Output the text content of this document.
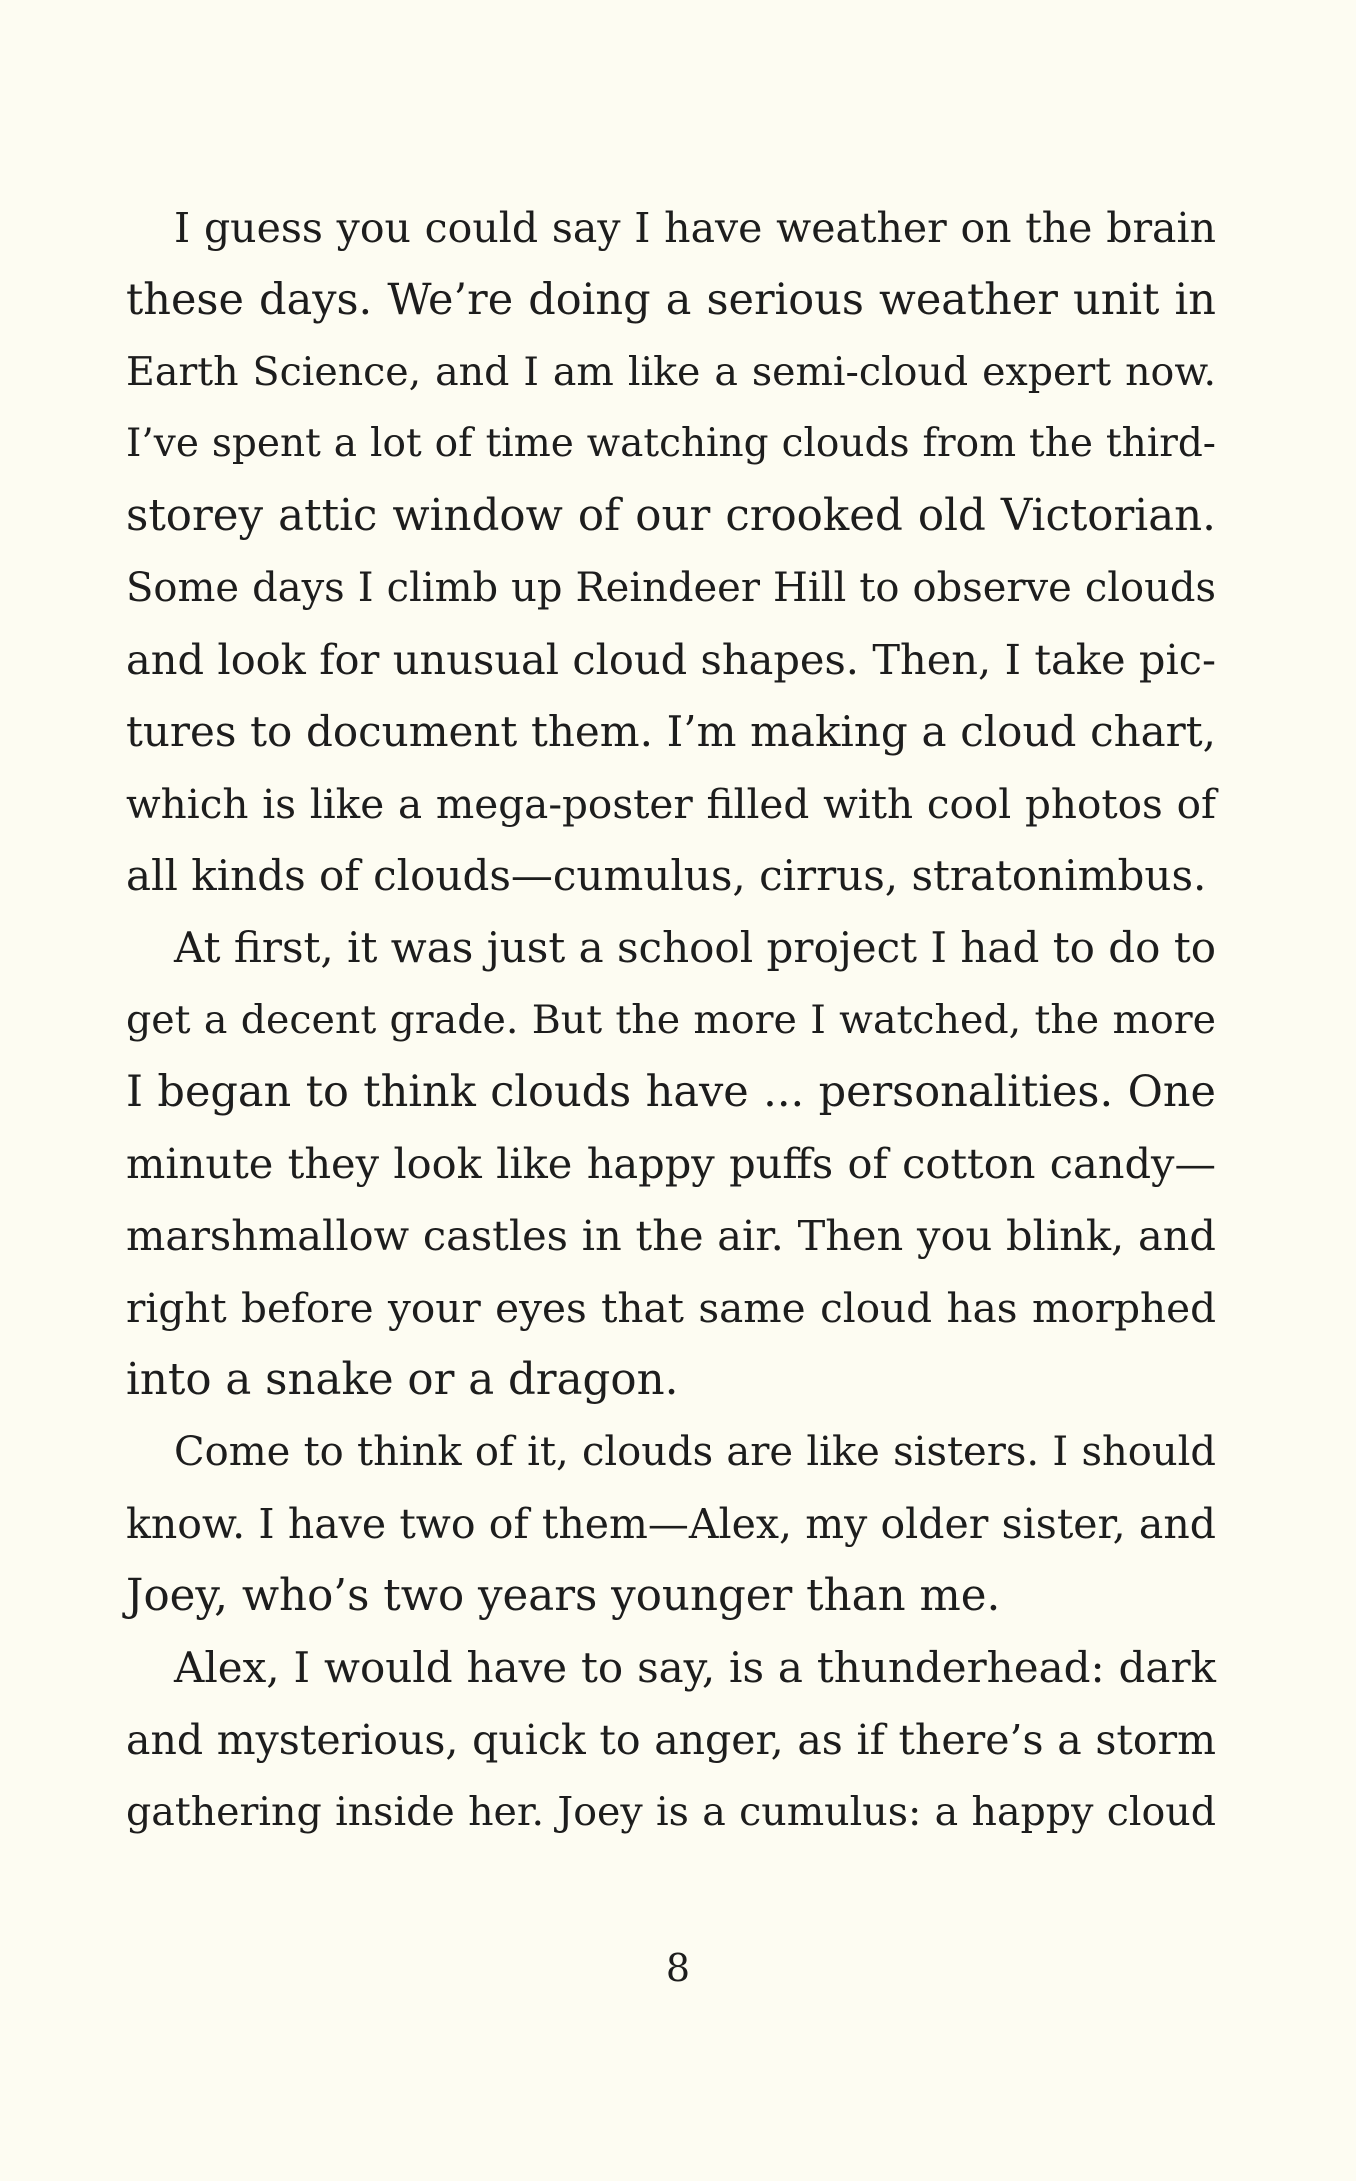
I guess you could say I have weather on the brain
these days. We’re doing a serious weather unit in
Earth Science, and I am like a semi-cloud expert now.
I’ve spent a lot of time watching clouds from the third-
storey attic window of our crooked old Victorian.
Some days I climb up Reindeer Hill to observe clouds
and look for unusual cloud shapes. Then, I take pic-
tures to document them. I’m making a cloud chart,
which is like a mega-poster filled with cool photos of
all kinds of clouds—cumulus, cirrus, stratonimbus.
At first, it was just a school project I had to do to
get a decent grade. But the more I watched, the more
I began to think clouds have ... personalities. One
minute they look like happy puffs of cotton candy—
marshmallow castles in the air. Then you blink, and
right before your eyes that same cloud has morphed
into a snake or a dragon.
Come to think of it, clouds are like sisters. I should
know. I have two of them—Alex, my older sister, and
Joey, who’s two years younger than me.
Alex, I would have to say, is a thunderhead: dark
and mysterious, quick to anger, as if there’s a storm
gathering inside her. Joey is a cumulus: a happy cloud
8
